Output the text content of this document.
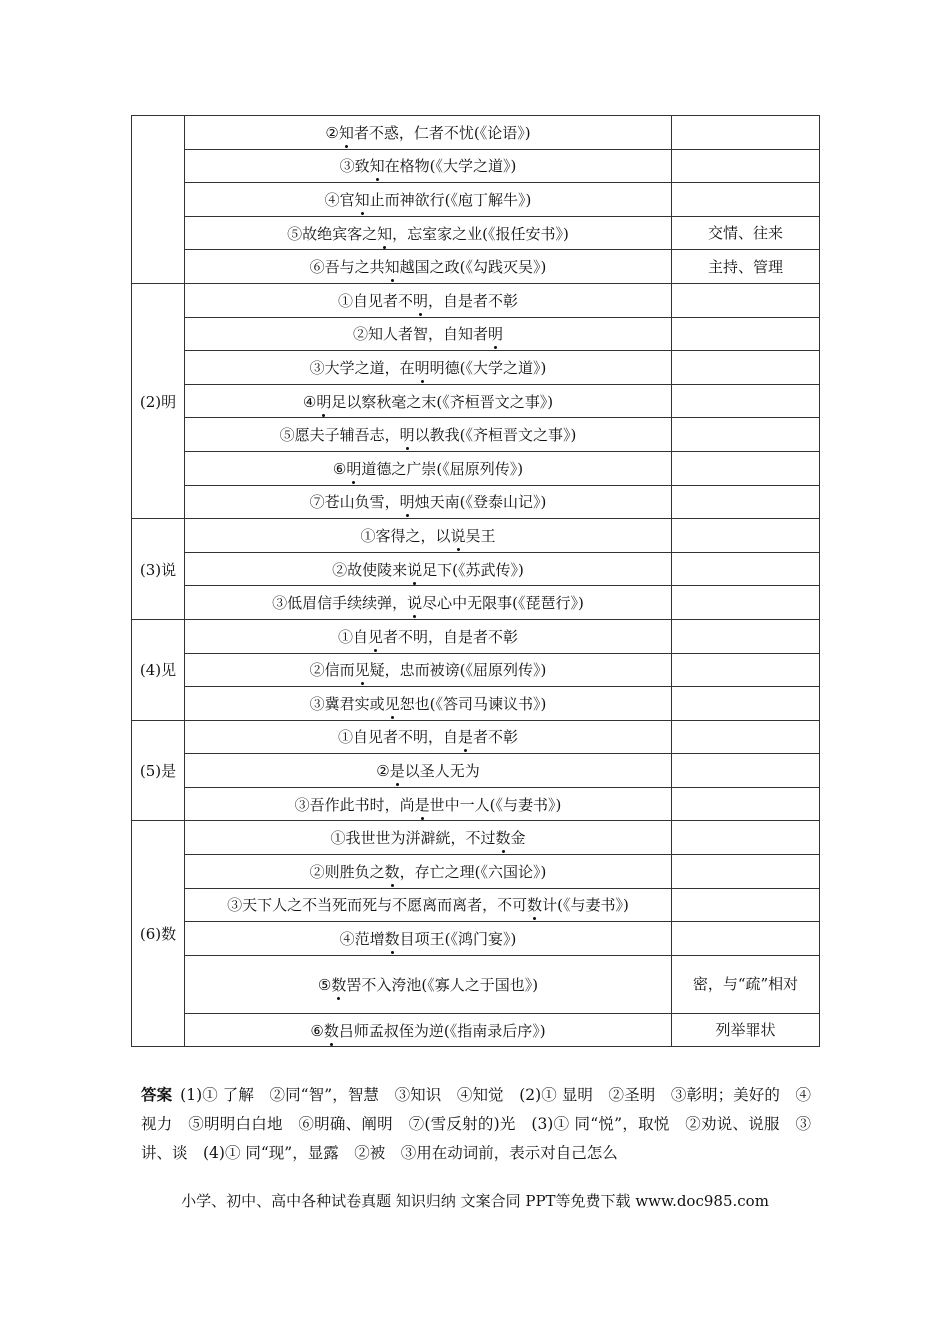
	②知者不惑，仁者不忧(《论语》)	
	③致知在格物(《大学之道》)	
	④官知止而神欲行(《庖丁解牛》)	
	⑤故绝宾客之知，忘室家之业(《报任安书》)	交情、往来
	⑥吾与之共知越国之政(《勾践灭吴》)	主持、管理
(2)明	①自见者不明，自是者不彰	
	②知人者智，自知者明	
	③大学之道，在明明德(《大学之道》)	
	④明足以察秋毫之末(《齐桓晋文之事》)	
	⑤愿夫子辅吾志，明以教我(《齐桓晋文之事》)	
	⑥明道德之广崇(《屈原列传》)	
	⑦苍山负雪，明烛天南(《登泰山记》)	
(3)说	①客得之，以说吴王	
	②故使陵来说足下(《苏武传》)	
	③低眉信手续续弹，说尽心中无限事(《琵琶行》)	
(4)见	①自见者不明，自是者不彰	
	②信而见疑，忠而被谤(《屈原列传》)	
	③冀君实或见恕也(《答司马谏议书》)	
(5)是	①自见者不明，自是者不彰	
	②是以圣人无为	
	③吾作此书时，尚是世中一人(《与妻书》)	
(6)数	①我世世为洴澼絖，不过数金	
	②则胜负之数，存亡之理(《六国论》)	
	③天下人之不当死而死与不愿离而离者，不可数计(《与妻书》)	
	④范增数目项王(《鸿门宴》)	
	⑤数罟不入洿池(《寡人之于国也》)	密，与“疏”相对
	⑥数吕师孟叔侄为逆(《指南录后序》)	列举罪状
答案 (1)① 了解　②同“智”，智慧　③知识　④知觉　(2)① 显明　②圣明　③彰明；美好的　④视力　⑤明明白白地　⑥明确、阐明　⑦(雪反射的)光　(3)① 同“悦”，取悦　②劝说、说服　③讲、谈　(4)① 同“现”，显露　②被　③用在动词前，表示对自己怎么
小学、初中、高中各种试卷真题 知识归纳 文案合同 PPT等免费下载 www.doc985.com
